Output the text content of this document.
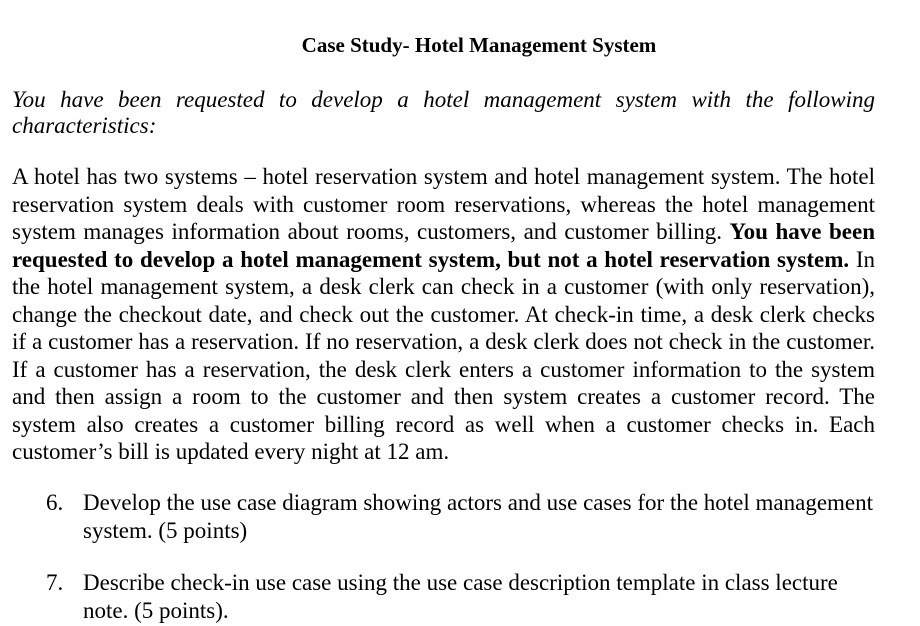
Case Study- Hotel Management System
You have been requested to develop a hotel management system with the following characteristics:
A hotel has two systems – hotel reservation system and hotel management system. The hotel reservation system deals with customer room reservations, whereas the hotel management system manages information about rooms, customers, and customer billing. You have been requested to develop a hotel management system, but not a hotel reservation system. In the hotel management system, a desk clerk can check in a customer (with only reservation), change the checkout date, and check out the customer. At check-in time, a desk clerk checks if a customer has a reservation. If no reservation, a desk clerk does not check in the customer. If a customer has a reservation, the desk clerk enters a customer information to the system and then assign a room to the customer and then system creates a customer record. The system also creates a customer billing record as well when a customer checks in. Each customer’s bill is updated every night at 12 am.
6. Develop the use case diagram showing actors and use cases for the hotel management system. (5 points)
7. Describe check-in use case using the use case description template in class lecture note. (5 points).
